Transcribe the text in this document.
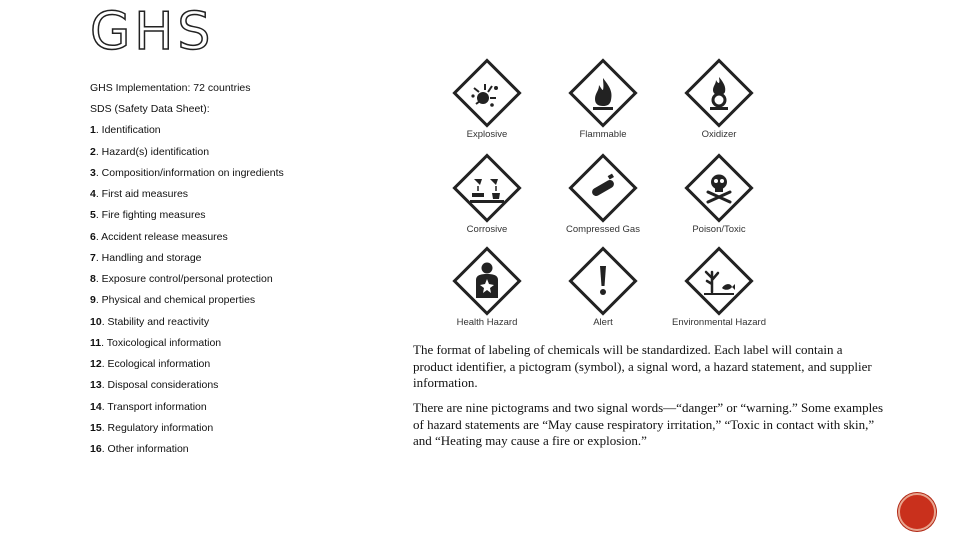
GHS
GHS Implementation: 72 countries
SDS (Safety Data Sheet):
1. Identification
2. Hazard(s) identification
3. Composition/information on ingredients
4. First aid measures
5. Fire fighting measures
6. Accident release measures
7. Handling and storage
8. Exposure control/personal protection
9. Physical and chemical properties
10. Stability and reactivity
11. Toxicological information
12. Ecological information
13. Disposal considerations
14. Transport information
15. Regulatory information
16. Other information
Explosive	Flammable	Oxidizer
Corrosive	Compressed Gas	Poison/Toxic
Health Hazard	Alert	Environmental Hazard
The format of labeling of chemicals will be standardized. Each label will contain a product identifier, a pictogram (symbol), a signal word, a hazard statement, and supplier information.
There are nine pictograms and two signal words—“danger” or “warning.” Some examples of hazard statements are “May cause respiratory irritation,” “Toxic in contact with skin,” and “Heating may cause a fire or explosion.”
